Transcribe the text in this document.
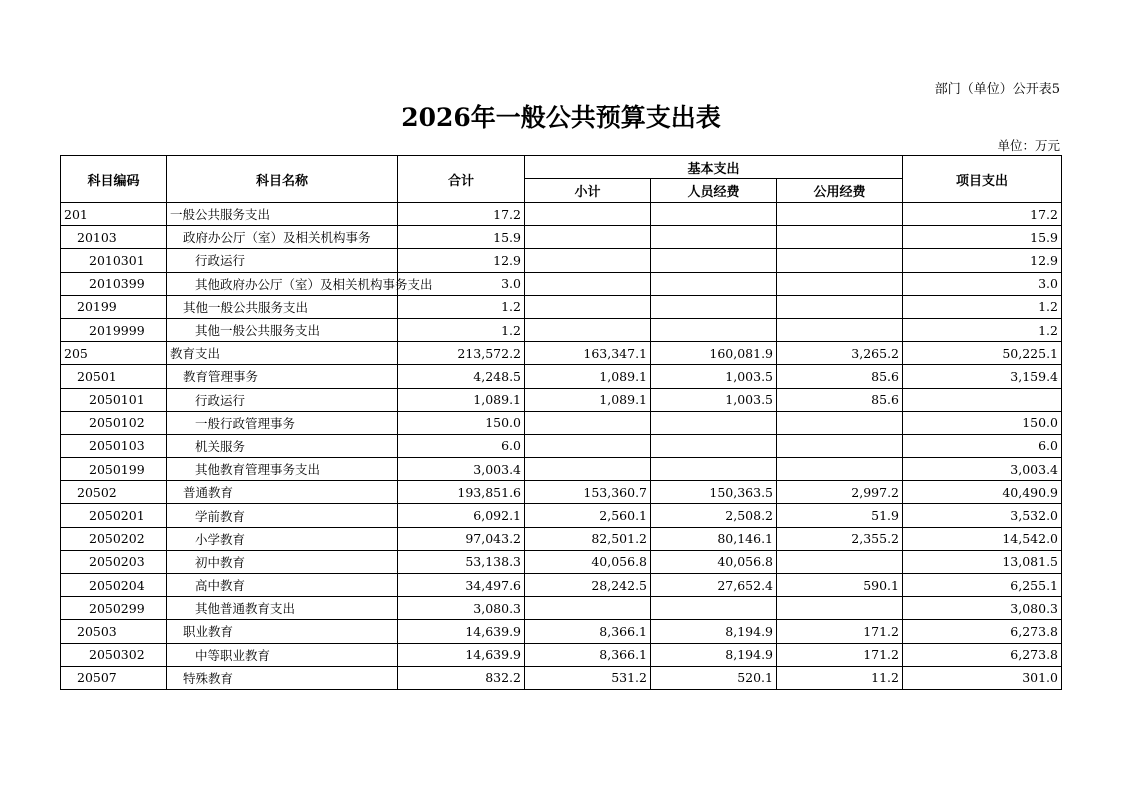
部门（单位）公开表5
2026年一般公共预算支出表
单位：万元
科目编码	科目名称	合计	基本支出			项目支出
			小计	人员经费	公用经费	
201	一般公共服务支出	17.2				17.2
20103	政府办公厅（室）及相关机构事务	15.9				15.9
2010301	行政运行	12.9				12.9
2010399	其他政府办公厅（室）及相关机构事务支出	3.0				3.0
20199	其他一般公共服务支出	1.2				1.2
2019999	其他一般公共服务支出	1.2				1.2
205	教育支出	213,572.2	163,347.1	160,081.9	3,265.2	50,225.1
20501	教育管理事务	4,248.5	1,089.1	1,003.5	85.6	3,159.4
2050101	行政运行	1,089.1	1,089.1	1,003.5	85.6	
2050102	一般行政管理事务	150.0				150.0
2050103	机关服务	6.0				6.0
2050199	其他教育管理事务支出	3,003.4				3,003.4
20502	普通教育	193,851.6	153,360.7	150,363.5	2,997.2	40,490.9
2050201	学前教育	6,092.1	2,560.1	2,508.2	51.9	3,532.0
2050202	小学教育	97,043.2	82,501.2	80,146.1	2,355.2	14,542.0
2050203	初中教育	53,138.3	40,056.8	40,056.8		13,081.5
2050204	高中教育	34,497.6	28,242.5	27,652.4	590.1	6,255.1
2050299	其他普通教育支出	3,080.3				3,080.3
20503	职业教育	14,639.9	8,366.1	8,194.9	171.2	6,273.8
2050302	中等职业教育	14,639.9	8,366.1	8,194.9	171.2	6,273.8
20507	特殊教育	832.2	531.2	520.1	11.2	301.0
